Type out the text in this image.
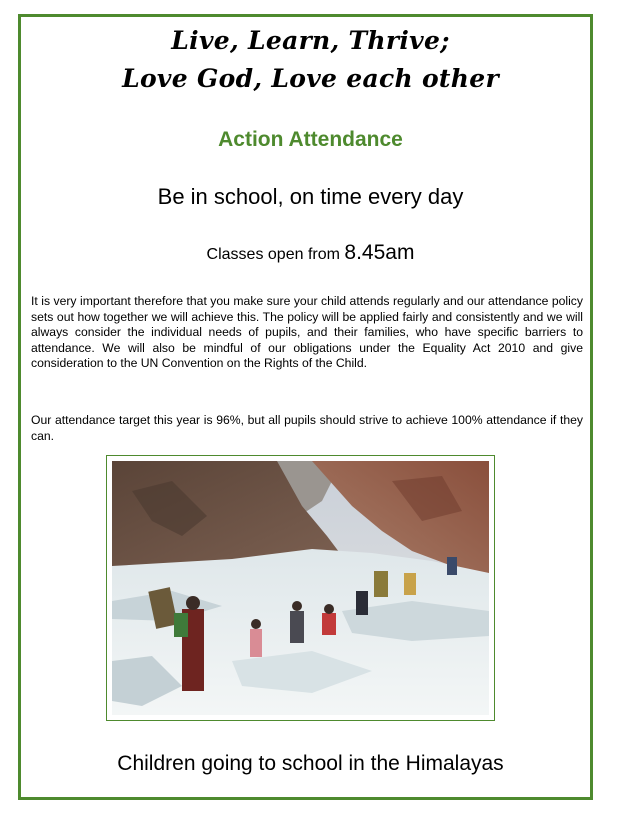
Live, Learn, Thrive;
Love God, Love each other
Action Attendance
Be in school, on time every day
Classes open from 8.45am

It is very important therefore that you make sure your child attends regularly and our attendance policy sets out how together we will achieve this. The policy will be applied fairly and consistently and we will always consider the individual needs of pupils, and their families, who have specific barriers to attendance. We will also be mindful of our obligations under the Equality Act 2010 and give consideration to the UN Convention on the Rights of the Child.

Our attendance target this year is 96%, but all pupils should strive to achieve 100% attendance if they can.

Children going to school in the Himalayas
